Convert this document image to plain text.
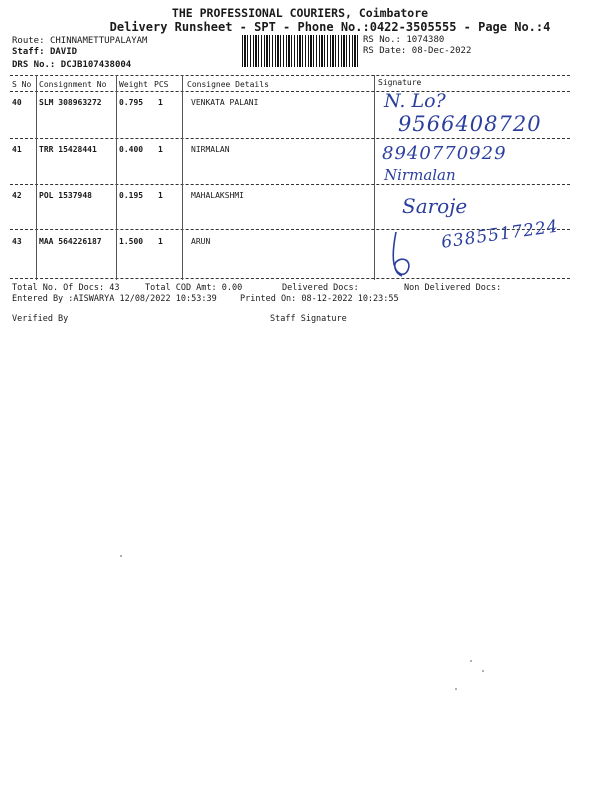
THE PROFESSIONAL COURIERS, Coimbatore
Delivery Runsheet - SPT - Phone No.:0422-3505555 - Page No.:4
Route: CHINNAMETTUPALAYAM
Staff: DAVID
DRS No.: DCJB107438004
RS No.: 1074380
RS Date: 08-Dec-2022
S No Consignment No Weight PCS Consignee Details	Signature
40 SLM 308963272 0.795 1	VENKATA PALANI	N. Lo?
9566408720
41 TRR 15428441	0.400 1	NIRMALAN	8940770929
Nirmalan
42 POL 1537948	0.195 1	MAHALAKSHMI	Saroje
43 MAA 564226187 1.500 1	ARUN	6385517224
Total No. Of Docs: 43	Total COD Amt: 0.00	Delivered Docs:	Non Delivered Docs:
Entered By :AISWARYA 12/08/2022 10:53:39	Printed On: 08-12-2022 10:23:55
Verified By	Staff Signature
